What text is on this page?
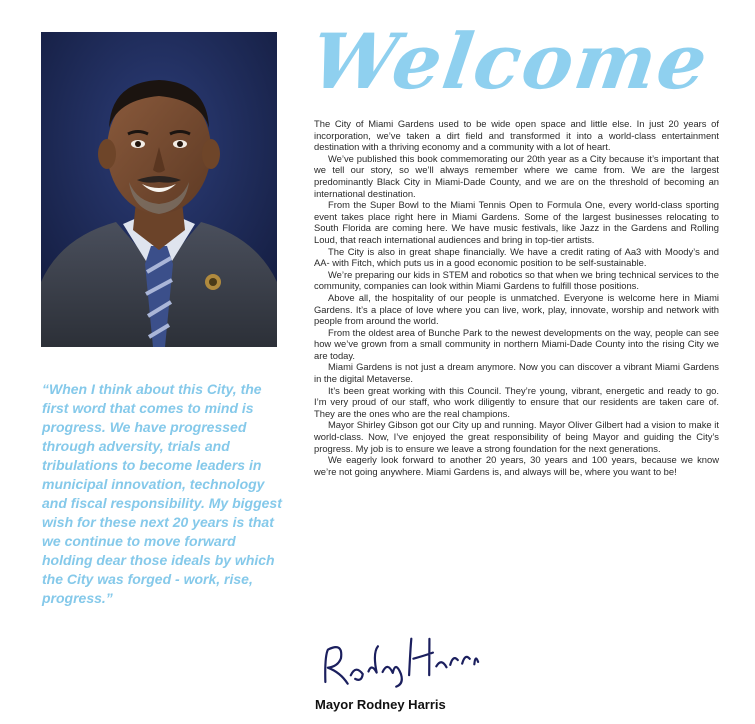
“When I think about this City, the first word that comes to mind is progress. We have progressed through adversity, trials and tribulations to become leaders in municipal innovation, technology and fiscal responsibility. My biggest wish for these next 20 years is that we continue to move forward holding dear those ideals by which the City was forged - work, rise, progress.”

Welcome

The City of Miami Gardens used to be wide open space and little else. In just 20 years of incorporation, we’ve taken a dirt field and transformed it into a world-class entertainment destination with a thriving economy and a community with a lot of heart.

We’ve published this book commemorating our 20th year as a City because it’s important that we tell our story, so we’ll always remember where we came from. We are the largest predominantly Black City in Miami-Dade County, and we are on the threshold of becoming an international destination.

From the Super Bowl to the Miami Tennis Open to Formula One, every world-class sporting event takes place right here in Miami Gardens. Some of the largest businesses relocating to South Florida are coming here. We have music festivals, like Jazz in the Gardens and Rolling Loud, that reach international audiences and bring in top-tier artists.

The City is also in great shape financially. We have a credit rating of Aa3 with Moody’s and AA- with Fitch, which puts us in a good economic position to be self-sustainable.

We’re preparing our kids in STEM and robotics so that when we bring technical services to the community, companies can look within Miami Gardens to fulfill those positions.

Above all, the hospitality of our people is unmatched. Everyone is welcome here in Miami Gardens. It’s a place of love where you can live, work, play, innovate, worship and network with people from around the world.

From the oldest area of Bunche Park to the newest developments on the way, people can see how we’ve grown from a small community in northern Miami-Dade County into the rising City we are today.

Miami Gardens is not just a dream anymore. Now you can discover a vibrant Miami Gardens in the digital Metaverse.

It’s been great working with this Council. They’re young, vibrant, energetic and ready to go. I’m very proud of our staff, who work diligently to ensure that our residents are taken care of. They are the ones who are the real champions.

Mayor Shirley Gibson got our City up and running. Mayor Oliver Gilbert had a vision to make it world-class. Now, I’ve enjoyed the great responsibility of being Mayor and guiding the City’s progress. My job is to ensure we leave a strong foundation for the next generations.

We eagerly look forward to another 20 years, 30 years and 100 years, because we know we’re not going anywhere. Miami Gardens is, and always will be, where you want to be!

Mayor Rodney Harris
